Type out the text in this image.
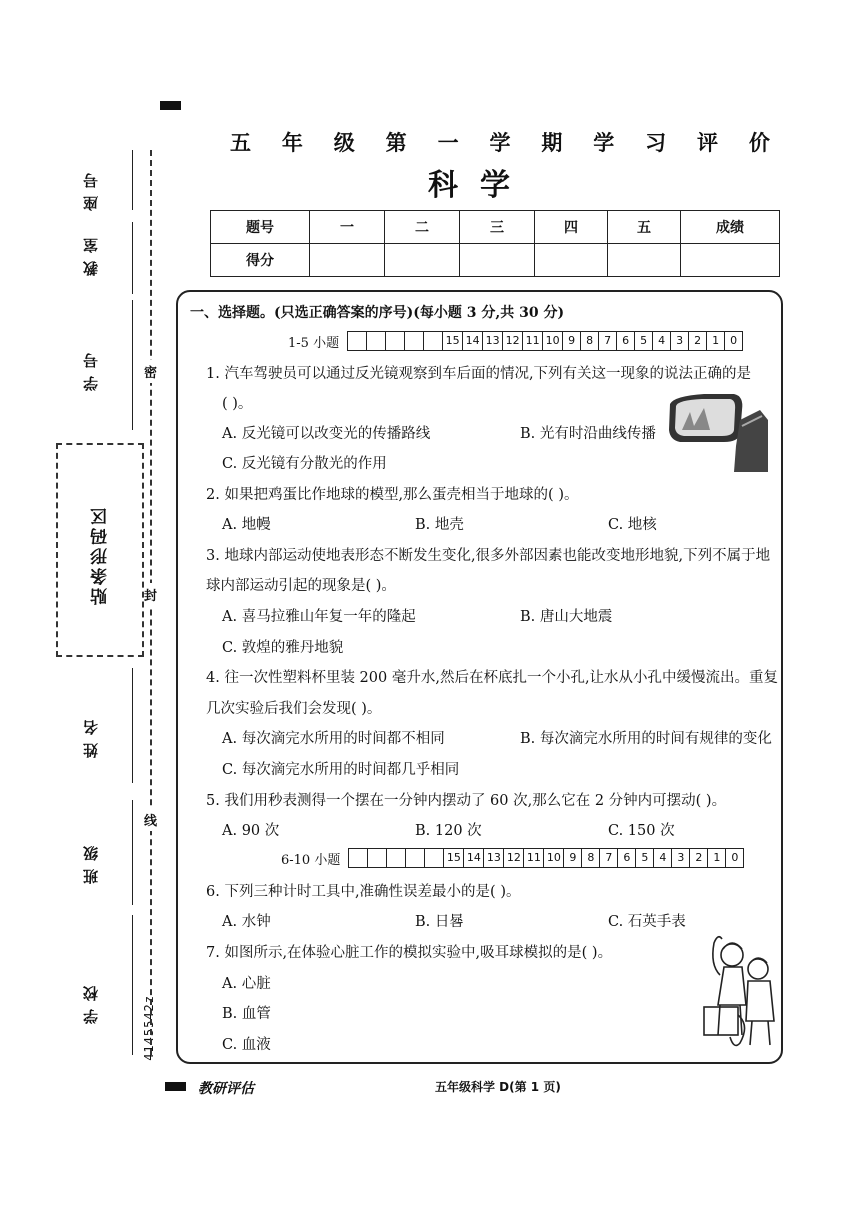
座号
教室
学号
贴条形码区
姓名
班级
学校	4145542z
密
封
线
五 年 级 第 一 学 期 学 习 评 价
科学
题号	一	二	三	四	五	成绩
得分						
一、选择题。(只选正确答案的序号)(每小题 3 分,共 30 分)
1-5 小题	15 14 13 12 11 10 9	8	7	6	5	4	3	2	1	0
1. 汽车驾驶员可以通过反光镜观察到车后面的情况,下列有关这一现象的说法正确的是
( )。
A. 反光镜可以改变光的传播路线	B. 光有时沿曲线传播
C. 反光镜有分散光的作用
2. 如果把鸡蛋比作地球的模型,那么蛋壳相当于地球的( )。
A. 地幔	B. 地壳	C. 地核
3. 地球内部运动使地表形态不断发生变化,很多外部因素也能改变地形地貌,下列不属于地
球内部运动引起的现象是( )。
A. 喜马拉雅山年复一年的隆起	B. 唐山大地震
C. 敦煌的雅丹地貌
4. 往一次性塑料杯里装 200 毫升水,然后在杯底扎一个小孔,让水从小孔中缓慢流出。重复
几次实验后我们会发现( )。
A. 每次滴完水所用的时间都不相同	B. 每次滴完水所用的时间有规律的变化
C. 每次滴完水所用的时间都几乎相同
5. 我们用秒表测得一个摆在一分钟内摆动了 60 次,那么它在 2 分钟内可摆动( )。
A. 90 次	B. 120 次	C. 150 次
6-10 小题	15 14 13 12 11 10 9	8	7	6	5	4	3	2	1	0
6. 下列三种计时工具中,准确性误差最小的是( )。
A. 水钟	B. 日晷	C. 石英手表
7. 如图所示,在体验心脏工作的模拟实验中,吸耳球模拟的是( )。
A. 心脏
B. 血管
C. 血液
教研评估	五年级科学 D(第 1 页)
